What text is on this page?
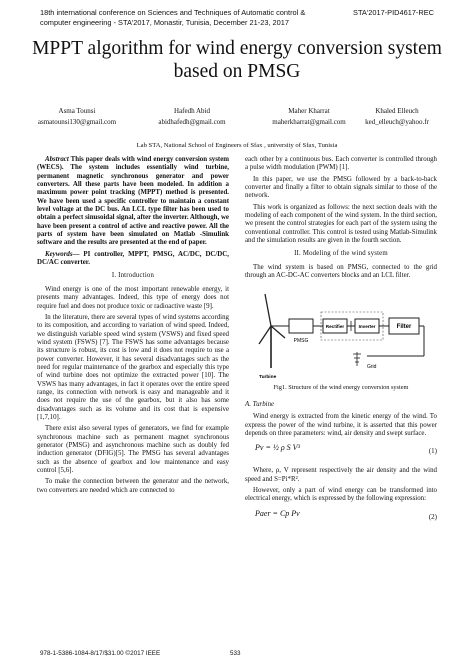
18th international conference on Sciences and Techniques of Automatic control &
computer engineering - STA'2017, Monastir, Tunisia, December 21-23, 2017
STA'2017-PID4617-REC
MPPT algorithm for wind energy conversion system
based on PMSG
Asma Tounsi
asmatounsi130@gmail.com
Hafedh Abid
abidhafedh@gmail.com
Maher Kharrat
maherkharrat@gmail.com
Khaled Elleuch
ked_elleuch@yahoo.fr
Lab STA, National School of Engineers of Sfax , university of Sfax, Tunisia

Abstract This paper deals with wind energy conversion system (WECS). The system includes essentially wind turbine, permanent magnetic synchronous generator and power converters. All these parts have been modeled. In addition a maximum power point tracking (MPPT) method is presented. We have been used a specific controller to maintain a constant level voltage at the DC bus. An LCL type filter has been used to obtain a perfect sinusoidal signal, after the inverter. Although, we have been present a control of active and reactive power. All the parts of system have been simulated on Matlab -Simulink software and the results are presented at the end of paper.

Keywords— PI controller, MPPT, PMSG, AC/DC, DC/DC, DC/AC converter.

I. Introduction

Wind energy is one of the most important renewable energy, it presents many advantages. Indeed, this type of energy does not require fuel and does not produce toxic or radioactive waste [9].

In the literature, there are several types of wind systems according to its composition, and according to variation of wind speed. Indeed, we distinguish variable speed wind system (VSWS) and fixed speed wind system (FSWS) [7]. The FSWS has some advantages because its structure is robust, its cost is low and it does not require to use a power converter. However, it has several disadvantages such as the need for regular maintenance of the gearbox and especially this type of wind turbine does not optimize the extracted power [10]. The VSWS has many advantages, in fact it operates over the entire speed range, its connection with network is easy and manageable and it does not require the use of the gearbox, but it also has some disadvantages such as its volume and its cost that is expensive [1,7,10].

There exist also several types of generators, we find for example synchronous machine such as permanent magnet synchronous generator (PMSG) and asynchronous machine such as doubly fed induction generator (DFIG)[5]. The PMSG has several advantages such as the absence of gearbox and low maintenance and easy control [5,6].

To make the connection between the generator and the network, two converters are needed which are connected to

each other by a continuous bus. Each converter is controlled through a pulse width modulation (PWM) [1].

In this paper, we use the PMSG followed by a back-to-back converter and finally a filter to obtain signals similar to those of the network.

This work is organized as follows: the next section deals with the modeling of each component of the wind system. In the third section, we present the control strategies for each part of the system using the conventional controller. This control is tested using Matlab-Simulink and the simulation results are given in the fourth section.

II. Modeling of the wind system

The wind system is based on PMSG, connected to the grid through an AC-DC-AC converters blocks and an LCL filter.

PMSG
Rectifier	Inverter	Filter
Grid
Turbine
Fig1. Structure of the wind energy conversion system
A. Turbine

Wind energy is extracted from the kinetic energy of the wind. To express the power of the wind turbine, it is asserted that this power depends on three parameters: wind, air density and swept surface.

Pv = ½ ρ S V³	(1)

Where, ρ, V represent respectively the air density and the wind speed and S=Pi*R².

However, only a part of wind energy can be transformed into electrical energy, which is expressed by the following expression:

Paer = Cp Pv	(2)
978-1-5386-1084-8/17/$31.00 ©2017 IEEE	533
